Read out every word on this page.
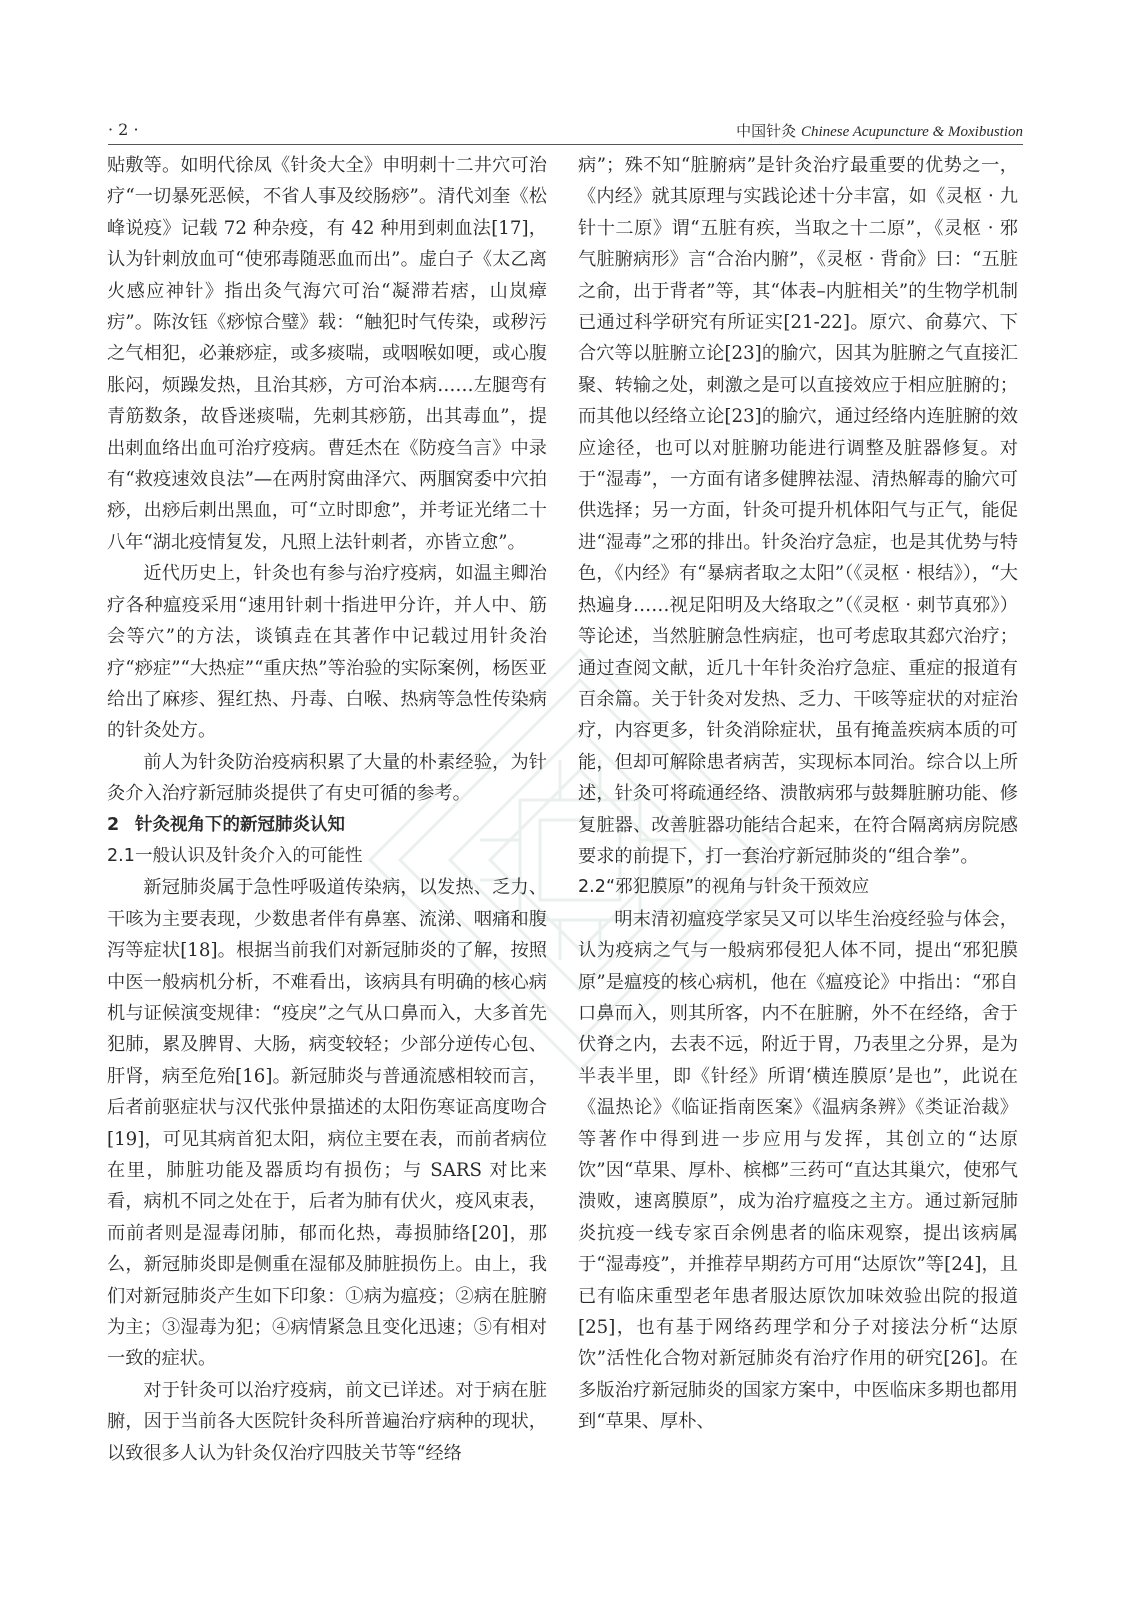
· 2 ·	中国针灸 Chinese Acupuncture & Moxibustion

贴敷等。如明代徐凤《针灸大全》申明刺十二井穴可治疗“一切暴死恶候，不省人事及绞肠痧”。清代刘奎《松峰说疫》记载 72 种杂疫，有 42 种用到刺血法[17]，认为针刺放血可“使邪毒随恶血而出”。虚白子《太乙离火感应神针》指出灸气海穴可治“凝滞若痞，山岚瘴疠”。陈汝钰《痧惊合璧》载：“触犯时气传染，或秽污之气相犯，必兼痧症，或多痰喘，或咽喉如哽，或心腹胀闷，烦躁发热，且治其痧，方可治本病……左腿弯有青筋数条，故昏迷痰喘，先刺其痧筋，出其毒血”，提出刺血络出血可治疗疫病。曹廷杰在《防疫刍言》中录有“救疫速效良法”—在两肘窝曲泽穴、两腘窝委中穴拍痧，出痧后刺出黑血，可“立时即愈”，并考证光绪二十八年“湖北疫情复发，凡照上法针刺者，亦皆立愈”。

近代历史上，针灸也有参与治疗疫病，如温主卿治疗各种瘟疫采用“速用针刺十指进甲分许，并人中、筋会等穴”的方法，谈镇垚在其著作中记载过用针灸治疗“痧症”“大热症”“重庆热”等治验的实际案例，杨医亚给出了麻疹、猩红热、丹毒、白喉、热病等急性传染病的针灸处方。

前人为针灸防治疫病积累了大量的朴素经验，为针灸介入治疗新冠肺炎提供了有史可循的参考。

2 针灸视角下的新冠肺炎认知
2.1一般认识及针灸介入的可能性

新冠肺炎属于急性呼吸道传染病，以发热、乏力、干咳为主要表现，少数患者伴有鼻塞、流涕、咽痛和腹泻等症状[18]。根据当前我们对新冠肺炎的了解，按照中医一般病机分析，不难看出，该病具有明确的核心病机与证候演变规律：“疫戾”之气从口鼻而入，大多首先犯肺，累及脾胃、大肠，病变较轻；少部分逆传心包、肝肾，病至危殆[16]。新冠肺炎与普通流感相较而言，后者前驱症状与汉代张仲景描述的太阳伤寒证高度吻合[19]，可见其病首犯太阳，病位主要在表，而前者病位在里，肺脏功能及器质均有损伤；与 SARS 对比来看，病机不同之处在于，后者为肺有伏火，疫风束表，而前者则是湿毒闭肺，郁而化热，毒损肺络[20]，那么，新冠肺炎即是侧重在湿郁及肺脏损伤上。由上，我们对新冠肺炎产生如下印象：①病为瘟疫；②病在脏腑为主；③湿毒为犯；④病情紧急且变化迅速；⑤有相对一致的症状。

对于针灸可以治疗疫病，前文已详述。对于病在脏腑，因于当前各大医院针灸科所普遍治疗病种的现状，以致很多人认为针灸仅治疗四肢关节等“经络

病”；殊不知“脏腑病”是针灸治疗最重要的优势之一，《内经》就其原理与实践论述十分丰富，如《灵枢 · 九针十二原》谓“五脏有疾，当取之十二原”，《灵枢 · 邪气脏腑病形》言“合治内腑”，《灵枢 · 背俞》曰：“五脏之俞，出于背者”等，其“体表–内脏相关”的生物学机制已通过科学研究有所证实[21-22]。原穴、俞募穴、下合穴等以脏腑立论[23]的腧穴，因其为脏腑之气直接汇聚、转输之处，刺激之是可以直接效应于相应脏腑的；而其他以经络立论[23]的腧穴，通过经络内连脏腑的效应途径，也可以对脏腑功能进行调整及脏器修复。对于“湿毒”，一方面有诸多健脾祛湿、清热解毒的腧穴可供选择；另一方面，针灸可提升机体阳气与正气，能促进“湿毒”之邪的排出。针灸治疗急症，也是其优势与特色，《内经》有“暴病者取之太阳”（《灵枢 · 根结》），“大热遍身……视足阳明及大络取之”（《灵枢 · 刺节真邪》）等论述，当然脏腑急性病症，也可考虑取其郄穴治疗；通过查阅文献，近几十年针灸治疗急症、重症的报道有百余篇。关于针灸对发热、乏力、干咳等症状的对症治疗，内容更多，针灸消除症状，虽有掩盖疾病本质的可能，但却可解除患者病苦，实现标本同治。综合以上所述，针灸可将疏通经络、溃散病邪与鼓舞脏腑功能、修复脏器、改善脏器功能结合起来，在符合隔离病房院感要求的前提下，打一套治疗新冠肺炎的“组合拳”。

2.2“邪犯膜原”的视角与针灸干预效应

明末清初瘟疫学家吴又可以毕生治疫经验与体会，认为疫病之气与一般病邪侵犯人体不同，提出“邪犯膜原”是瘟疫的核心病机，他在《瘟疫论》中指出：“邪自口鼻而入，则其所客，内不在脏腑，外不在经络，舍于伏脊之内，去表不远，附近于胃，乃表里之分界，是为半表半里，即《针经》所谓‘横连膜原’是也”，此说在《温热论》《临证指南医案》《温病条辨》《类证治裁》等著作中得到进一步应用与发挥，其创立的“达原饮”因“草果、厚朴、槟榔”三药可“直达其巢穴，使邪气溃败，速离膜原”，成为治疗瘟疫之主方。通过新冠肺炎抗疫一线专家百余例患者的临床观察，提出该病属于“湿毒疫”，并推荐早期药方可用“达原饮”等[24]，且已有临床重型老年患者服达原饮加味效验出院的报道[25]，也有基于网络药理学和分子对接法分析“达原饮”活性化合物对新冠肺炎有治疗作用的研究[26]。在多版治疗新冠肺炎的国家方案中，中医临床多期也都用到“草果、厚朴、
